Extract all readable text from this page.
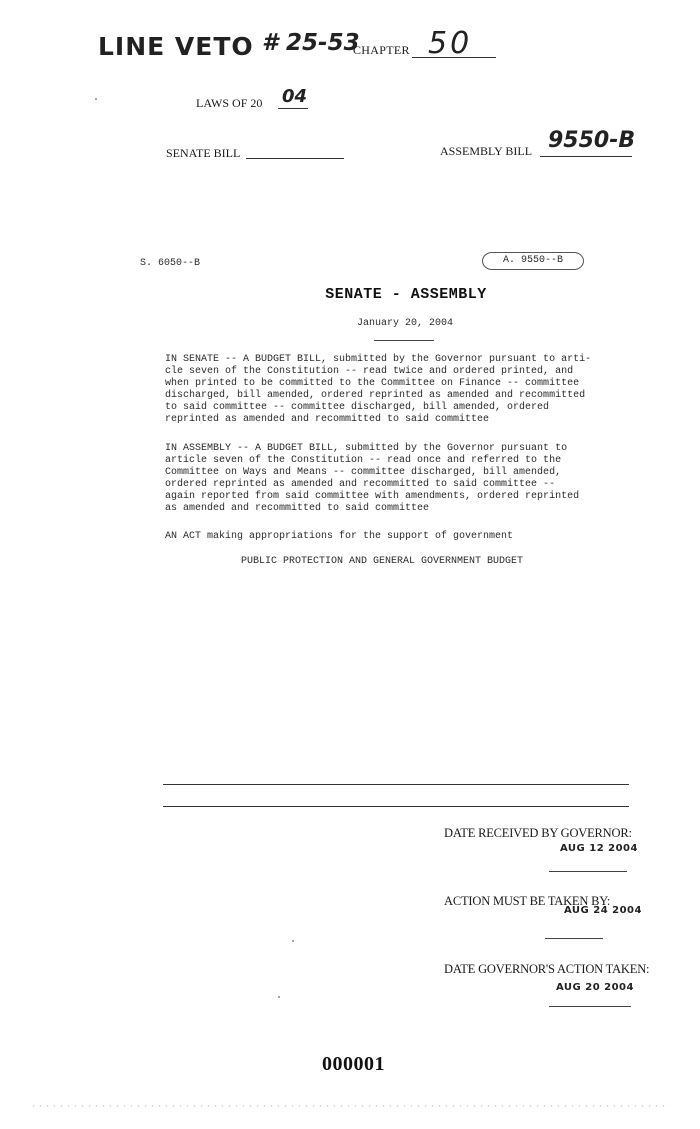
LINE VETO # 25-53
CHAPTER 50
LAWS OF 20 04
SENATE BILL	ASSEMBLY BILL 9550-B
S. 6050--B	A. 9550--B
SENATE - ASSEMBLY
January 20, 2004
IN SENATE -- A BUDGET BILL, submitted by the Governor pursuant to arti-
cle seven of the Constitution -- read twice and ordered printed, and
when printed to be committed to the Committee on Finance -- committee
discharged, bill amended, ordered reprinted as amended and recommitted
to said committee -- committee discharged, bill amended, ordered
reprinted as amended and recommitted to said committee
IN ASSEMBLY -- A BUDGET BILL, submitted by the Governor pursuant to
article seven of the Constitution -- read once and referred to the
Committee on Ways and Means -- committee discharged, bill amended,
ordered reprinted as amended and recommitted to said committee --
again reported from said committee with amendments, ordered reprinted
as amended and recommitted to said committee
AN ACT making appropriations for the support of government
PUBLIC PROTECTION AND GENERAL GOVERNMENT BUDGET
DATE RECEIVED BY GOVERNOR:
AUG 12 2004
ACTION MUST BE TAKEN BY:
AUG 24 2004
DATE GOVERNOR'S ACTION TAKEN:
AUG 20 2004
000001
